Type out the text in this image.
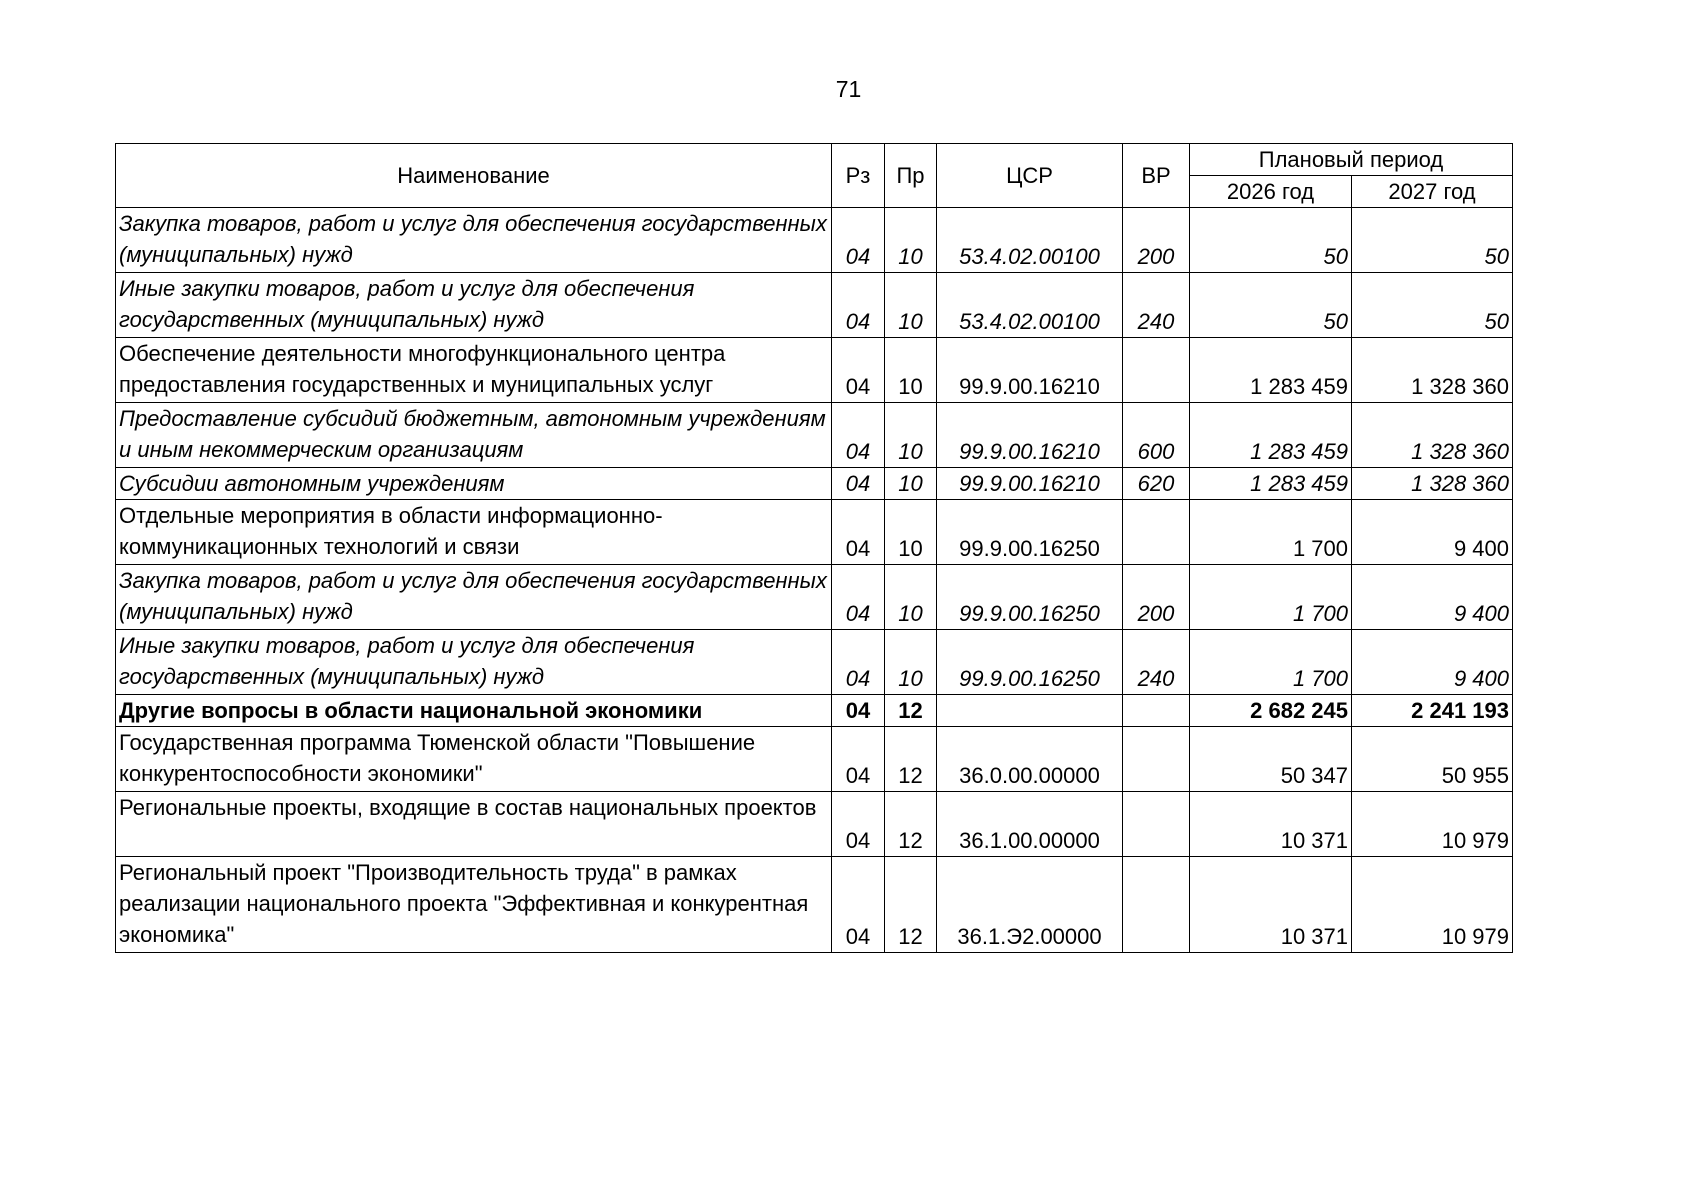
71
Наименование	Рз	Пр	ЦСР	ВР	Плановый период	
					2026 год	2027 год
Закупка товаров, работ и услуг для обеспечения государственных (муниципальных) нужд	04	10	53.4.02.00100	200	50	50
Иные закупки товаров, работ и услуг для обеспечения государственных (муниципальных) нужд	04	10	53.4.02.00100	240	50	50
Обеспечение деятельности многофункционального центра предоставления государственных и муниципальных услуг	04	10	99.9.00.16210		1 283 459	1 328 360
Предоставление субсидий бюджетным, автономным учреждениям и иным некоммерческим организациям	04	10	99.9.00.16210	600	1 283 459	1 328 360
Субсидии автономным учреждениям	04	10	99.9.00.16210	620	1 283 459	1 328 360
Отдельные мероприятия в области информационно-коммуникационных технологий и связи	04	10	99.9.00.16250		1 700	9 400
Закупка товаров, работ и услуг для обеспечения государственных (муниципальных) нужд	04	10	99.9.00.16250	200	1 700	9 400
Иные закупки товаров, работ и услуг для обеспечения государственных (муниципальных) нужд	04	10	99.9.00.16250	240	1 700	9 400
Другие вопросы в области национальной экономики	04	12			2 682 245	2 241 193
Государственная программа Тюменской области "Повышение конкурентоспособности экономики"	04	12	36.0.00.00000		50 347	50 955
Региональные проекты, входящие в состав национальных проектов	04	12	36.1.00.00000		10 371	10 979
Региональный проект "Производительность труда" в рамках реализации национального проекта "Эффективная и конкурентная экономика"	04	12	36.1.Э2.00000		10 371	10 979
